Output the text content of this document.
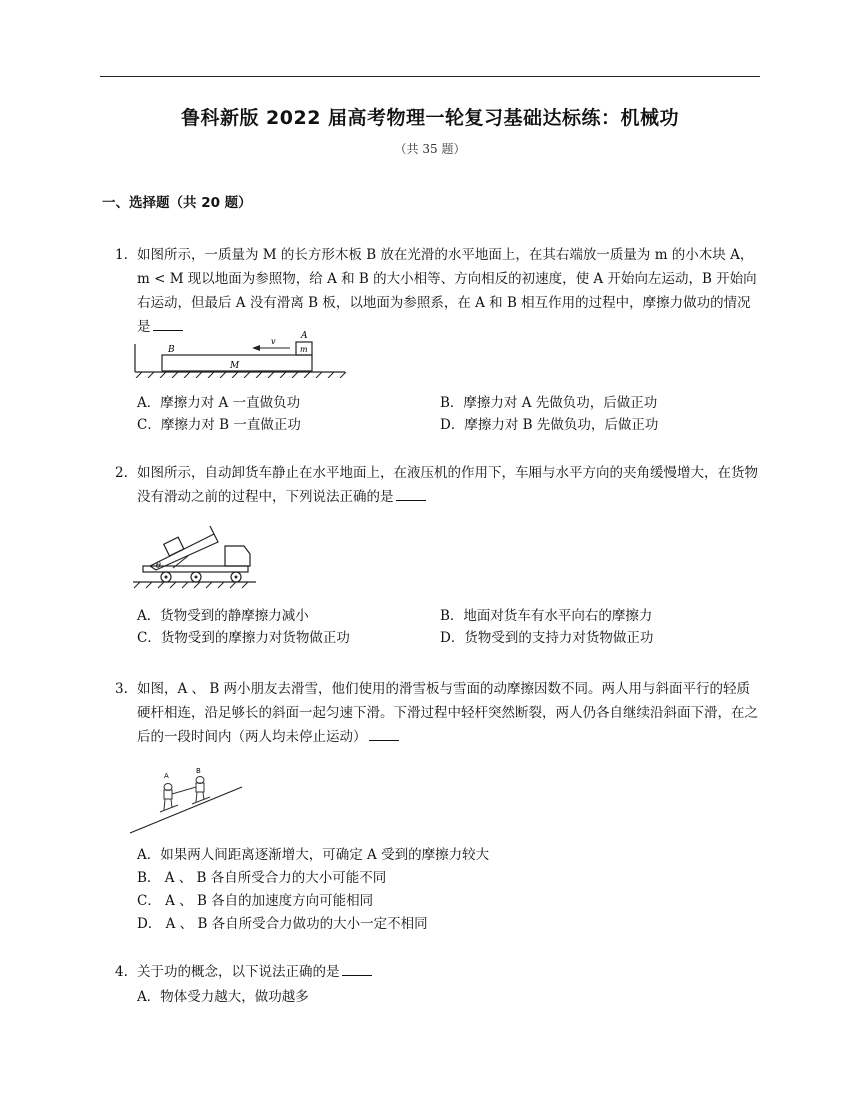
鲁科新版 2022 届高考物理一轮复习基础达标练：机械功
（共 35 题）
一、选择题（共 20 题）
1. 如图所示，一质量为 M 的长方形木板 B 放在光滑的水平地面上，在其右端放一质量为 m 的小木块 A，m < M 现以地面为参照物，给 A 和 B 的大小相等、方向相反的初速度，使 A 开始向左运动，B 开始向右运动，但最后 A 没有滑离 B 板，以地面为参照系，在 A 和 B 相互作用的过程中，摩擦力做功的情况是
B
M
m
A
v
A．摩擦力对 A 一直做负功	B．摩擦力对 A 先做负功，后做正功
C．摩擦力对 B 一直做正功	D．摩擦力对 B 先做负功，后做正功
2. 如图所示，自动卸货车静止在水平地面上，在液压机的作用下，车厢与水平方向的夹角缓慢增大，在货物没有滑动之前的过程中，下列说法正确的是
θ
A．货物受到的静摩擦力减小	B．地面对货车有水平向右的摩擦力
C．货物受到的摩擦力对货物做正功	D．货物受到的支持力对货物做正功
3. 如图，A 、 B 两小朋友去滑雪，他们使用的滑雪板与雪面的动摩擦因数不同。两人用与斜面平行的轻质硬杆相连，沿足够长的斜面一起匀速下滑。下滑过程中轻杆突然断裂，两人仍各自继续沿斜面下滑，在之后的一段时间内（两人均未停止运动）
A
B
A．如果两人间距离逐渐增大，可确定 A 受到的摩擦力较大
B． A 、 B 各自所受合力的大小可能不同
C． A 、 B 各自的加速度方向可能相同
D． A 、 B 各自所受合力做功的大小一定不相同
4. 关于功的概念，以下说法正确的是
A．物体受力越大，做功越多
